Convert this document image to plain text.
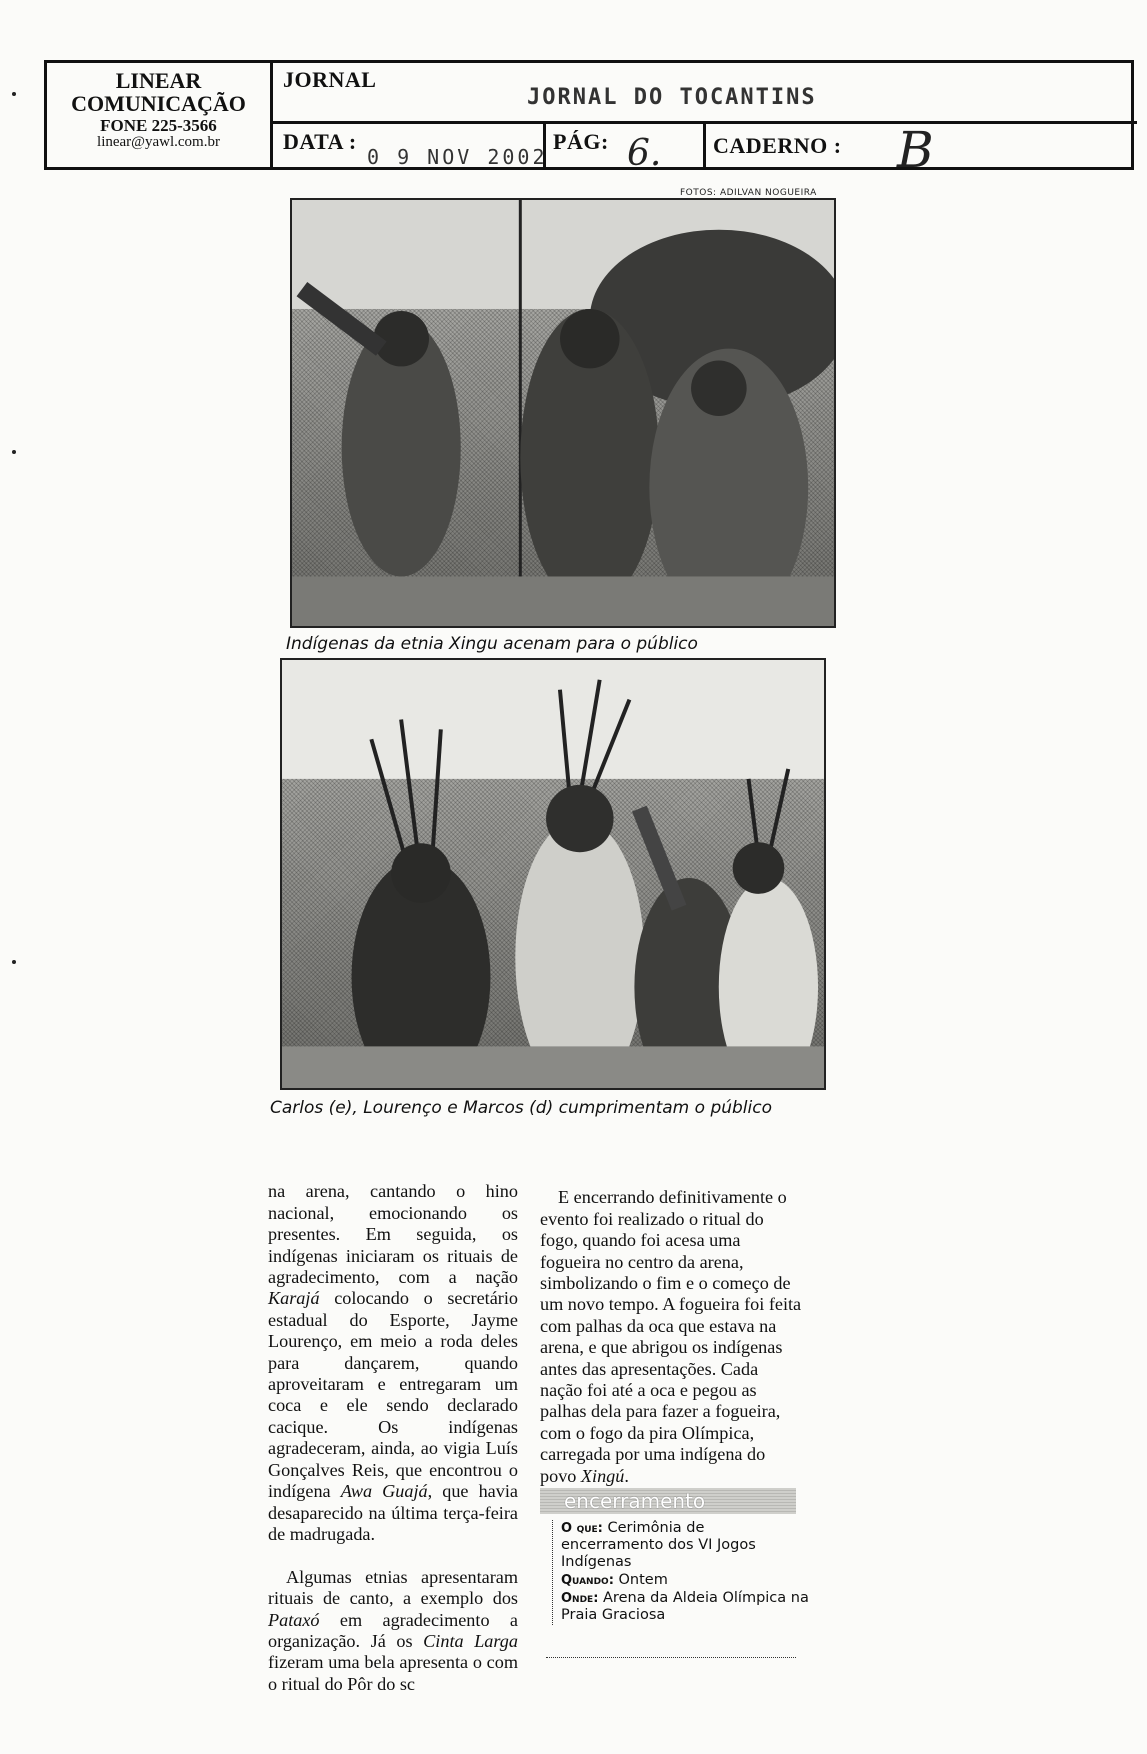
LINEAR
COMUNICAÇÃO
FONE 225-3566
linear@yawl.com.br
JORNAL
JORNAL DO TOCANTINS
DATA :
0 9 NOV 2002
PÁG: 6. CADERNO : B
FOTOS: ADILVAN NOGUEIRA
Indígenas da etnia Xingu acenam para o público
Carlos (e), Lourenço e Marcos (d) cumprimentam o público

na arena, cantando o hino nacional, emocionando os presentes. Em seguida, os indígenas iniciaram os rituais de agradecimento, com a nação Karajá colocando o secretário estadual do Esporte, Jayme Lourenço, em meio a roda deles para dançarem, quando aproveitaram e entregaram um coca e ele sendo declarado cacique. Os indígenas agradeceram, ainda, ao vigia Luís Gonçalves Reis, que encontrou o indígena Awa Guajá, que havia desaparecido na última terça-feira de madrugada.

Algumas etnias apresentaram rituais de canto, a exemplo dos Pataxó em agradecimento a organização. Já os Cinta Larga fizeram uma bela apresenta o com o ritual do Pôr do sc

E encerrando definitivamente o evento foi realizado o ritual do fogo, quando foi acesa uma fogueira no centro da arena, simbolizando o fim e o começo de um novo tempo. A fogueira foi feita com palhas da oca que estava na arena, e que abrigou os indígenas antes das apresentações. Cada nação foi até a oca e pegou as palhas dela para fazer a fogueira, com o fogo da pira Olímpica, carregada por uma indígena do povo Xingú.

encerramento
O que: Cerimônia de encerramento dos VI Jogos Indígenas
Quando: Ontem
Onde: Arena da Aldeia Olímpica na Praia Graciosa
